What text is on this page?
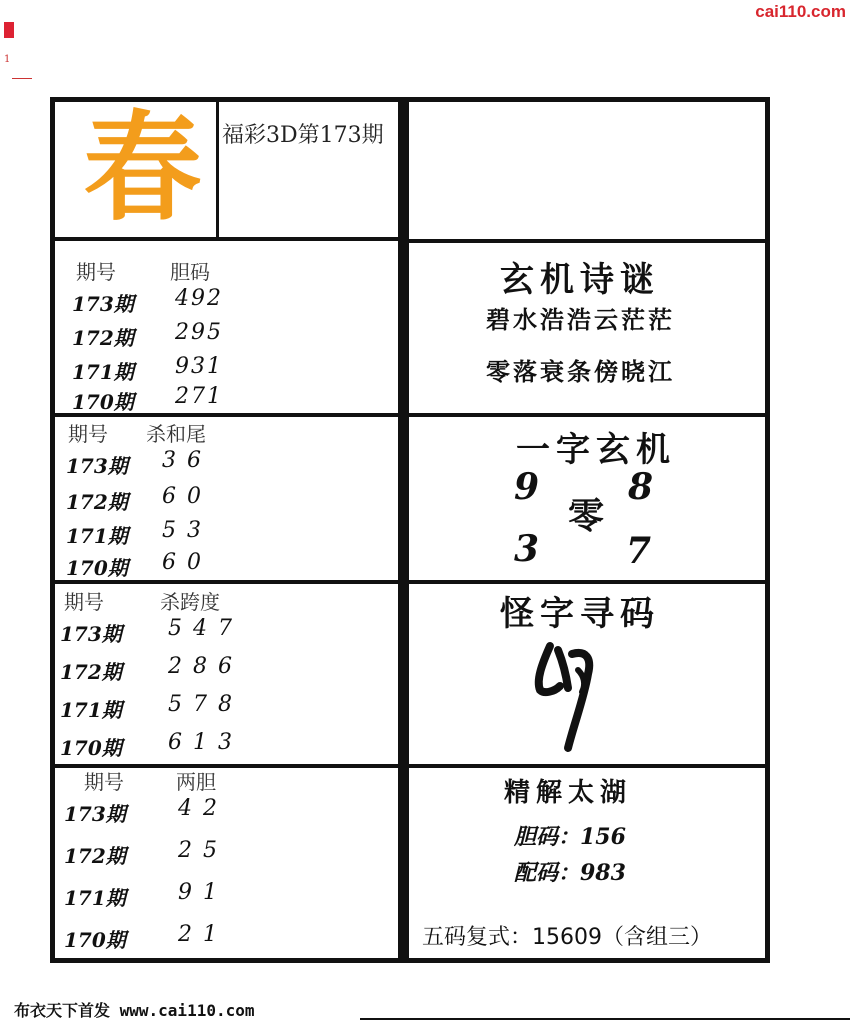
cai110.com
1
春 福彩3D第173期
期号	胆码
173期 492
172期 295
171期 931
170期 271
期号 杀和尾
173期 3 6
172期 6 0
171期 5 3
170期 6 0
期号	杀跨度
173期 5 4 7
172期 2 8 6
171期 5 7 8
170期 6 1 3
期号	两胆
173期 4 2
172期 2 5
171期 9 1
170期 2 1
玄机诗谜
碧水浩浩云茫茫
零落衰条傍晓江
一字玄机
9 8
零
3 7
怪字寻码
精解太湖
胆码：156
配码：983
五码复式：15609（含组三）
布衣天下首发 www.cai110.com
